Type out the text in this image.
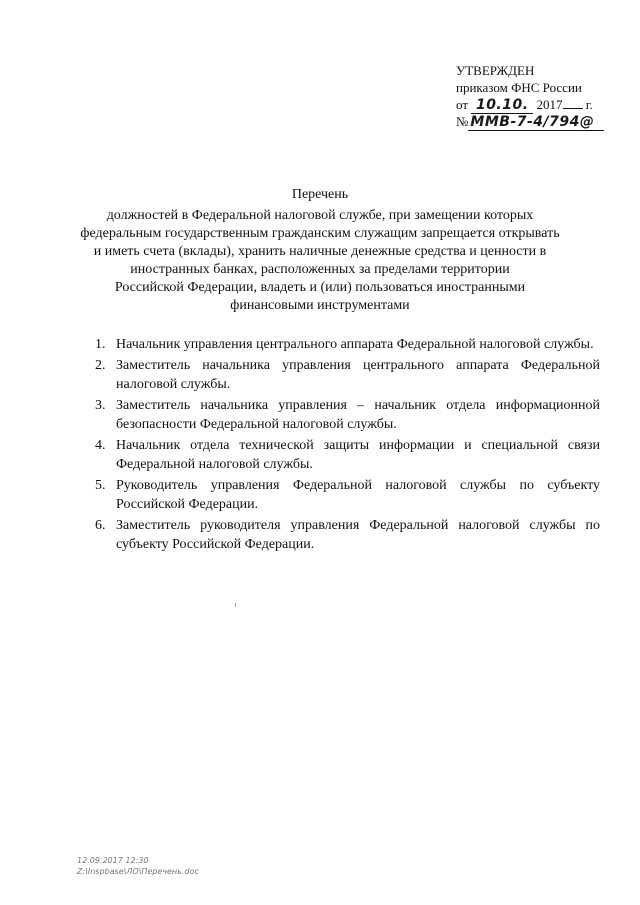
УТВЕРЖДЕН
приказом ФНС России
от 10.10. 2017 г.
№ ММВ-7-4/794@
Перечень
должностей в Федеральной налоговой службе, при замещении которых
федеральным государственным гражданским служащим запрещается открывать
и иметь счета (вклады), хранить наличные денежные средства и ценности в
иностранных банках, расположенных за пределами территории
Российской Федерации, владеть и (или) пользоваться иностранными
финансовыми инструментами
1. Начальник управления центрального аппарата Федеральной налоговой службы.
2. Заместитель начальника управления центрального аппарата Федеральной налоговой службы.
3. Заместитель начальника управления – начальник отдела информационной безопасности Федеральной налоговой службы.
4. Начальник отдела технической защиты информации и специальной связи Федеральной налоговой службы.
5. Руководитель управления Федеральной налоговой службы по субъекту Российской Федерации.
6. Заместитель руководителя управления Федеральной налоговой службы по субъекту Российской Федерации.
12.09.2017 12:30
Z:\Inspbase\ЛО\Перечень.doc
